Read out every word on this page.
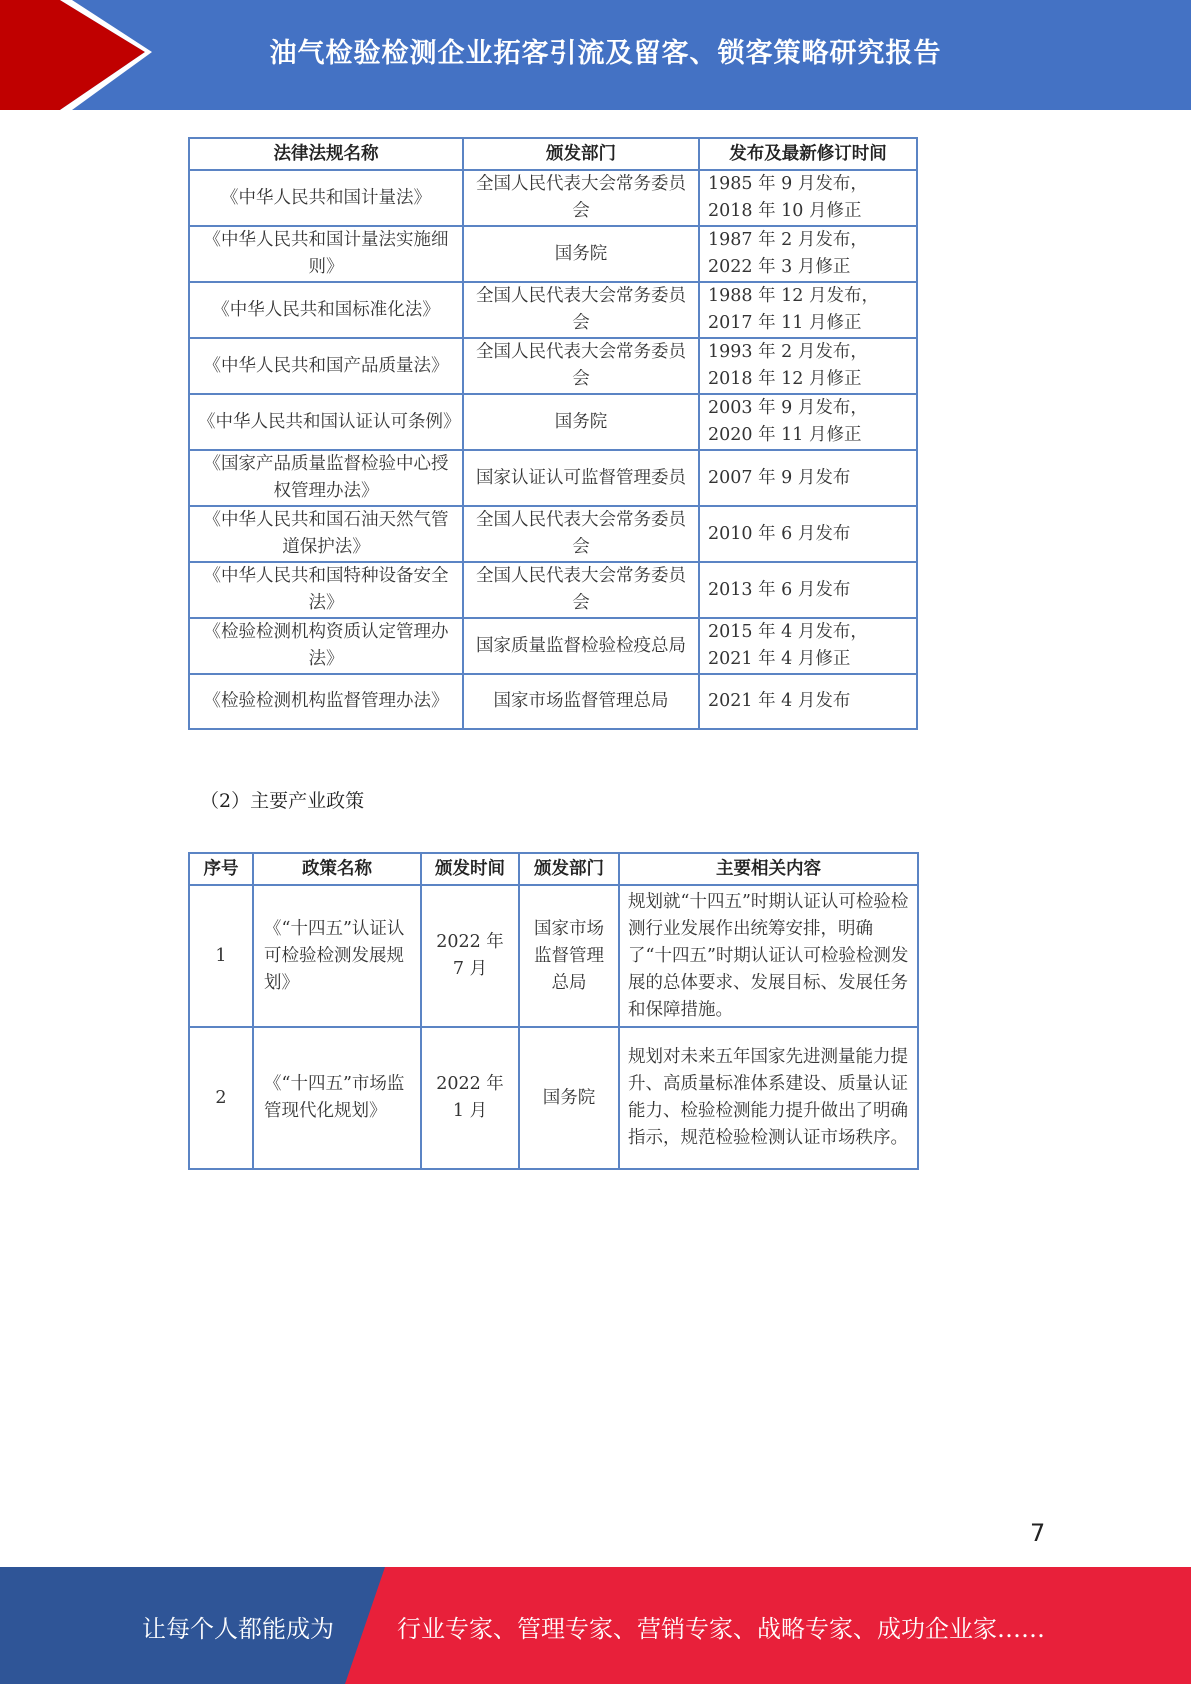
油气检验检测企业拓客引流及留客、锁客策略研究报告
法律法规名称	颁发部门	发布及最新修订时间
《中华人民共和国计量法》	全国人民代表大会常务委员会	1985 年 9 月发布，2018 年 10 月修正
《中华人民共和国计量法实施细则》	国务院	1987 年 2 月发布，2022 年 3 月修正
《中华人民共和国标准化法》	全国人民代表大会常务委员会	1988 年 12 月发布，2017 年 11 月修正
《中华人民共和国产品质量法》	全国人民代表大会常务委员会	1993 年 2 月发布，2018 年 12 月修正
《中华人民共和国认证认可条例》	国务院	2003 年 9 月发布，2020 年 11 月修正
《国家产品质量监督检验中心授权管理办法》	国家认证认可监督管理委员	2007 年 9 月发布
《中华人民共和国石油天然气管道保护法》	全国人民代表大会常务委员会	2010 年 6 月发布
《中华人民共和国特种设备安全法》	全国人民代表大会常务委员会	2013 年 6 月发布
《检验检测机构资质认定管理办法》	国家质量监督检验检疫总局	2015 年 4 月发布，2021 年 4 月修正
《检验检测机构监督管理办法》	国家市场监督管理总局	2021 年 4 月发布
（2）主要产业政策
序号	政策名称	颁发时间	颁发部门	主要相关内容
1	《“十四五”认证认可检验检测发展规划》	2022 年 7 月	国家市场监督管理总局	规划就“十四五”时期认证认可检验检测行业发展作出统筹安排，明确了“十四五”时期认证认可检验检测发展的总体要求、发展目标、发展任务和保障措施。
2	《“十四五”市场监管现代化规划》	2022 年 1 月	国务院	规划对未来五年国家先进测量能力提升、高质量标准体系建设、质量认证能力、检验检测能力提升做出了明确指示，规范检验检测认证市场秩序。
7
让每个人都能成为	行业专家、管理专家、营销专家、战略专家、成功企业家……
